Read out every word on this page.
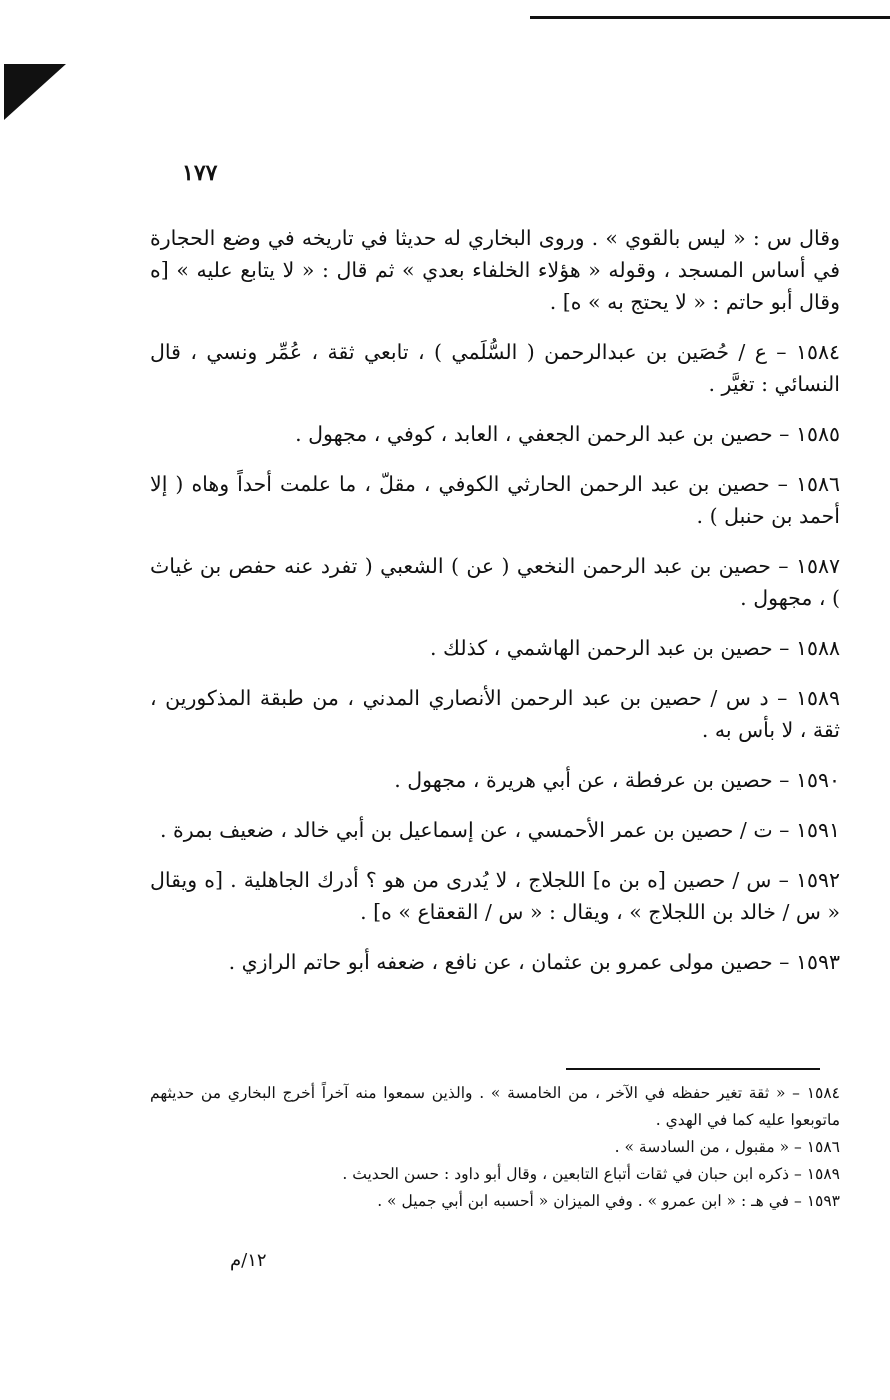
١٧٧

وقال س : « ليس بالقوي » . وروى البخاري له حديثا في تاريخه في وضع الحجارة في أساس المسجد ، وقوله « هؤلاء الخلفاء بعدي » ثم قال : « لا يتابع عليه » [ه وقال أبو حاتم : « لا يحتج به » ه] .

١٥٨٤ – ع / حُصَين بن عبدالرحمن ( السُّلَمي ) ، تابعي ثقة ، عُمِّر ونسي ، قال النسائي : تغيَّر .

١٥٨٥ – حصين بن عبد الرحمن الجعفي ، العابد ، كوفي ، مجهول .

١٥٨٦ – حصين بن عبد الرحمن الحارثي الكوفي ، مقلّ ، ما علمت أحداً وهاه ( إلا أحمد بن حنبل ) .

١٥٨٧ – حصين بن عبد الرحمن النخعي ( عن ) الشعبي ( تفرد عنه حفص بن غياث ) ، مجهول .

١٥٨٨ – حصين بن عبد الرحمن الهاشمي ، كذلك .

١٥٨٩ – د س / حصين بن عبد الرحمن الأنصاري المدني ، من طبقة المذكورين ، ثقة ، لا بأس به .

١٥٩٠ – حصين بن عرفطة ، عن أبي هريرة ، مجهول .

١٥٩١ – ت / حصين بن عمر الأحمسي ، عن إسماعيل بن أبي خالد ، ضعيف بمرة .

١٥٩٢ – س / حصين [ه بن ه] اللجلاج ، لا يُدرى من هو ؟ أدرك الجاهلية . [ه ويقال « س / خالد بن اللجلاج » ، ويقال : « س / القعقاع » ه] .

١٥٩٣ – حصين مولى عمرو بن عثمان ، عن نافع ، ضعفه أبو حاتم الرازي .

١٥٨٤ – « ثقة تغير حفظه في الآخر ، من الخامسة » . والذين سمعوا منه آخراً أخرج البخاري من حديثهم ماتوبعوا عليه كما في الهدي .

١٥٨٦ – « مقبول ، من السادسة » .

١٥٨٩ – ذكره ابن حبان في ثقات أتباع التابعين ، وقال أبو داود : حسن الحديث .

١٥٩٣ – في هـ : « ابن عمرو » . وفي الميزان « أحسبه ابن أبي جميل » .

١٢/م
